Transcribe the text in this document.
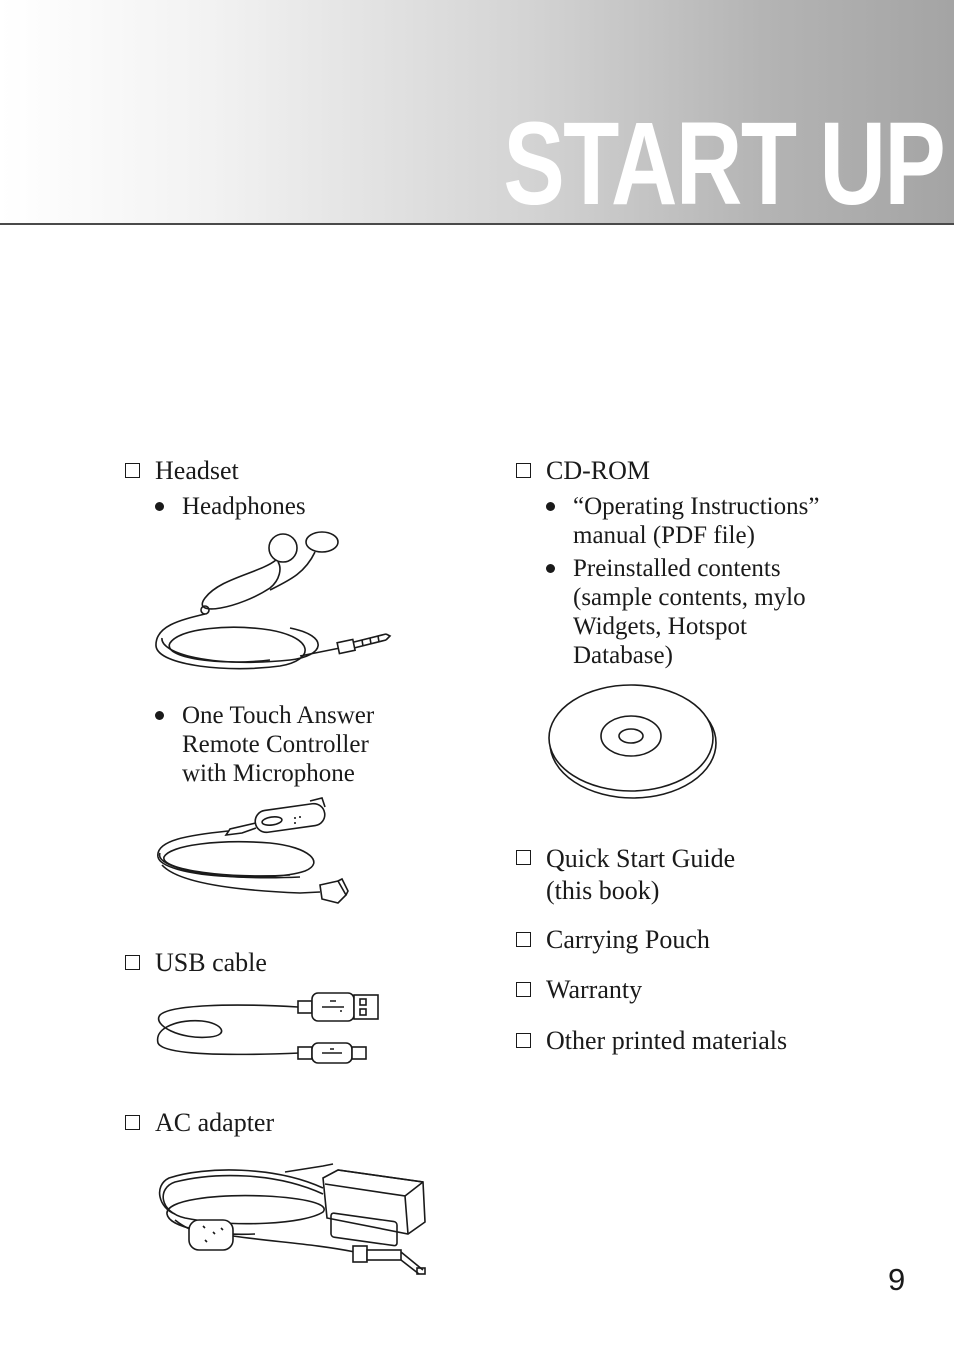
START UP
Headset
Headphones
One Touch Answer
Remote Controller
with Microphone
USB cable
AC adapter
CD-ROM
“Operating Instructions”
manual (PDF file)
Preinstalled contents
(sample contents, mylo
Widgets, Hotspot
Database)
Quick Start Guide
(this book)
Carrying Pouch
Warranty
Other printed materials
9
